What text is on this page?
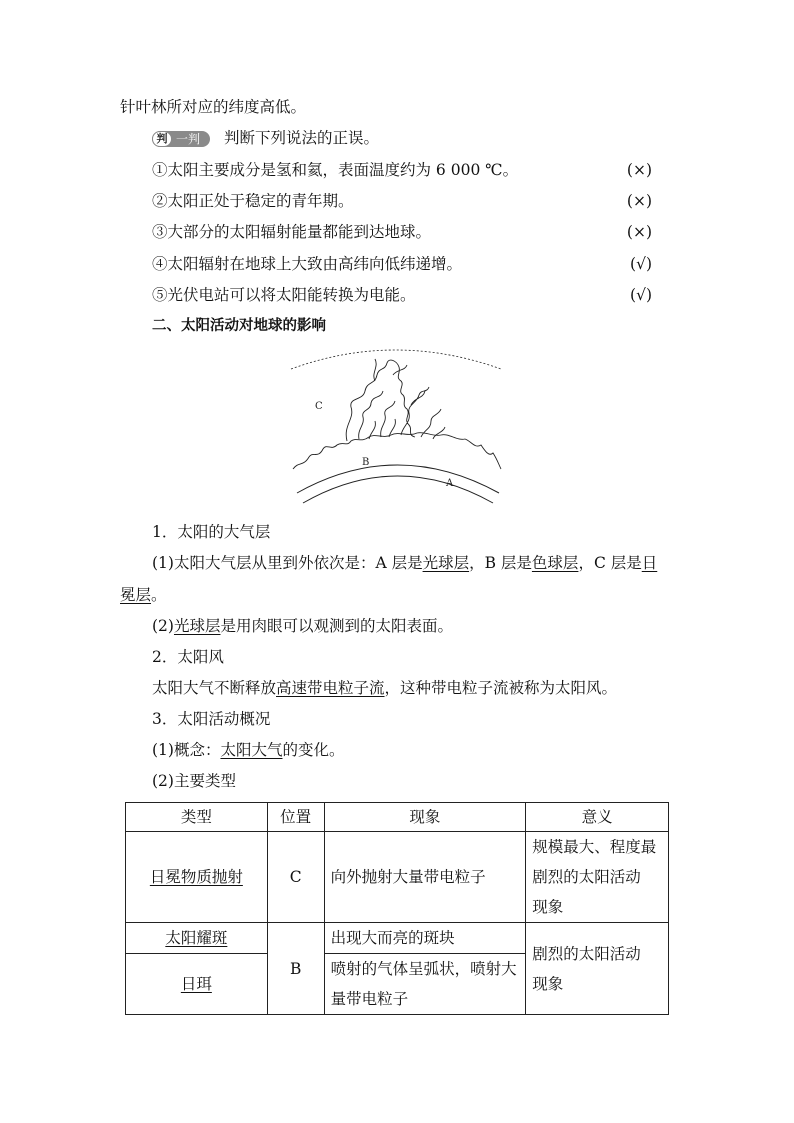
针叶林所对应的纬度高低。
判 一判 判断下列说法的正误。
①太阳主要成分是氢和氦，表面温度约为 6 000 ℃。	(×)
②太阳正处于稳定的青年期。	(×)
③大部分的太阳辐射能量都能到达地球。	(×)
④太阳辐射在地球上大致由高纬向低纬递增。	(√)
⑤光伏电站可以将太阳能转换为电能。	(√)
二、太阳活动对地球的影响
C
B
A
1．太阳的大气层
(1)太阳大气层从里到外依次是：A 层是光球层，B 层是色球层，C 层是日
冕层。
(2)光球层是用肉眼可以观测到的太阳表面。
2．太阳风
太阳大气不断释放高速带电粒子流，这种带电粒子流被称为太阳风。
3．太阳活动概况
(1)概念：太阳大气的变化。
(2)主要类型
类型	位置	现象	意义
日冕物质抛射	C	向外抛射大量带电粒子	规模最大、程度最
剧烈的太阳活动
现象

太阳耀斑	B	出现大而亮的斑块	剧烈的太阳活动
现象

日珥		喷射的气体呈弧状，喷射大
量带电粒子	
